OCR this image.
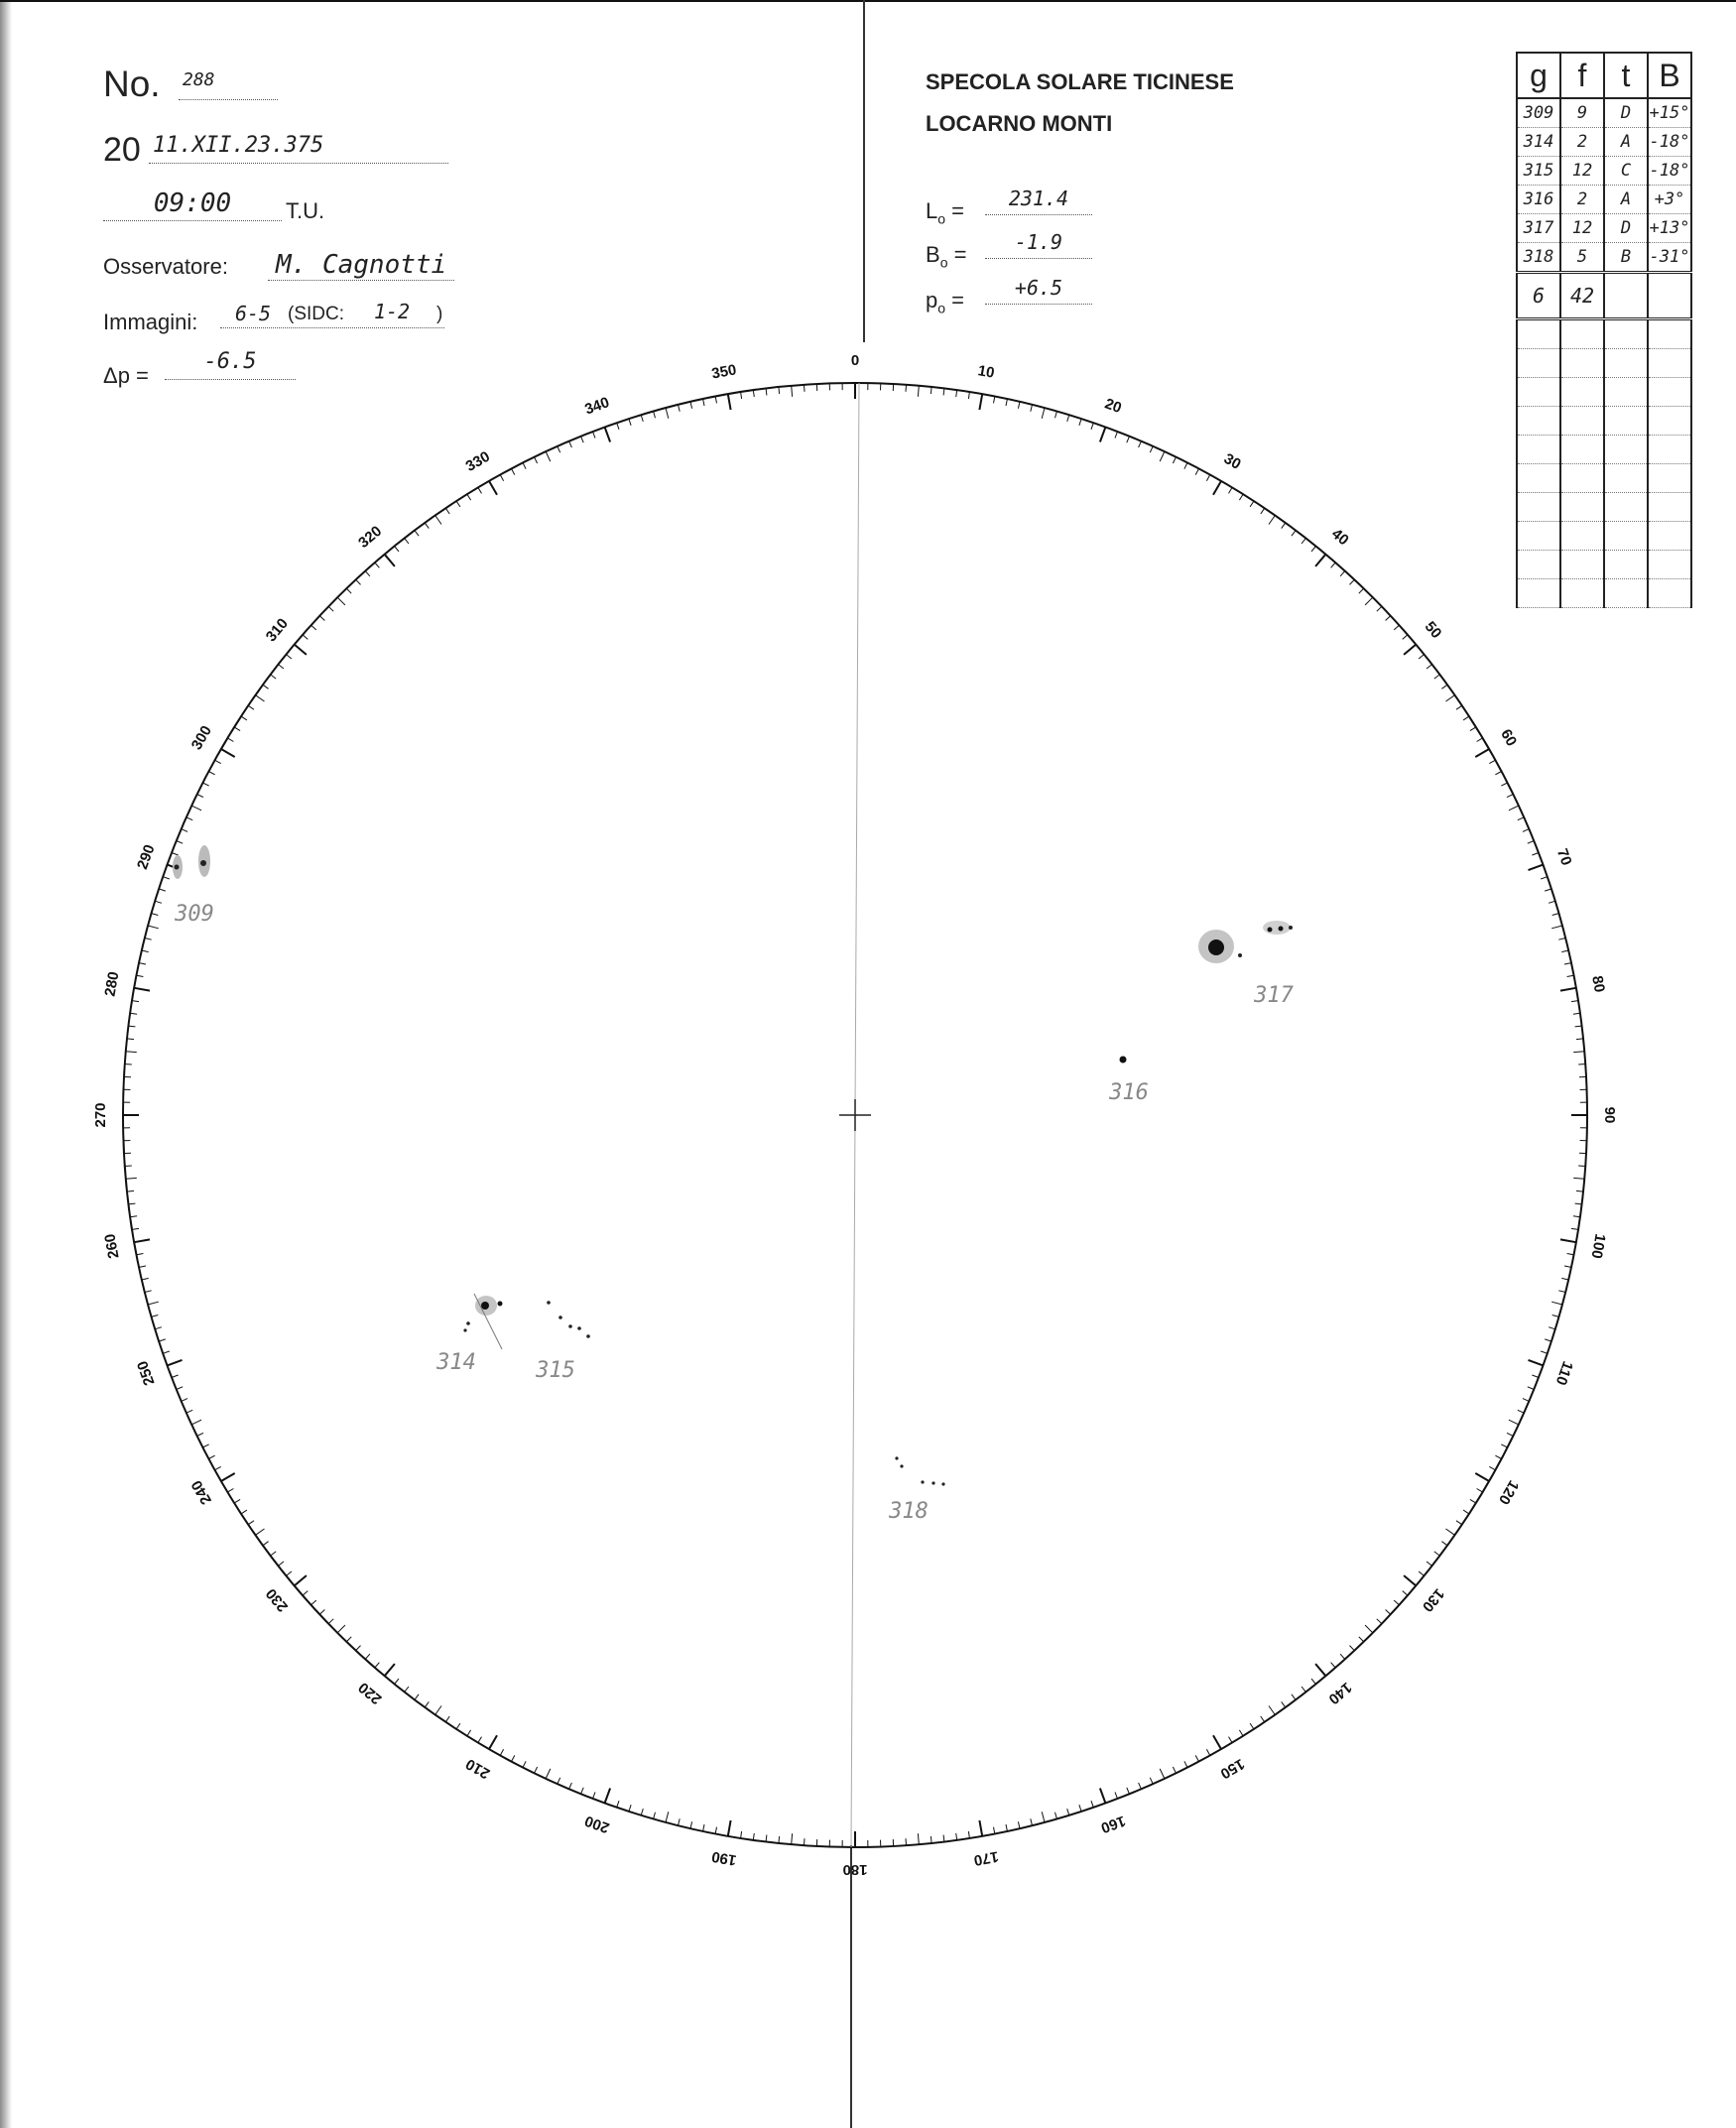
No. 288
20 11.XII.23.375
09:00	T.U.
Osservatore:	M. Cagnotti
Immagini:	6-5 (SIDC:	1-2	)
Δp =
-6.5
SPECOLA SOLARE TICINESE
LOCARNO MONTI
$L_o$ =	231.4
$B_o$ =	-1.9
$p_o$ =	+6.5
g	f	t	B
309	9	D	+15°
314	2	A	-18°
315	12	C	-18°
316	2	A	+3°
317	12	D	+13°
318	5	B	-31°
6	42		

0
10
20
30
40
50
60
70
80
90
100
110
120
130
140
150
160
170
180
190
200
210
220
230
240
250
260
270
280
290
300
310
320
330
340
350
309
314	315
316
317
318
